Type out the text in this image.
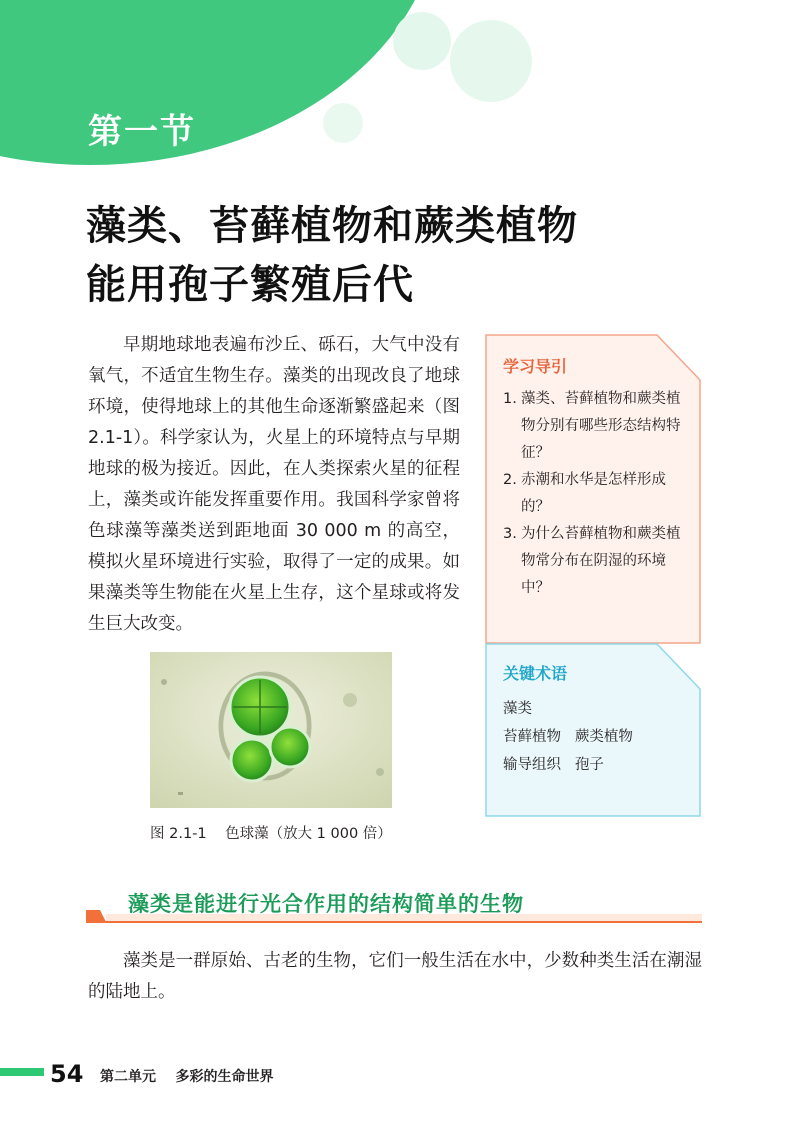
第一节
藻类、苔藓植物和蕨类植物
能用孢子繁殖后代

早期地球地表遍布沙丘、砾石，大气中没有氧气，不适宜生物生存。藻类的出现改良了地球环境，使得地球上的其他生命逐渐繁盛起来（图 2.1-1）。科学家认为，火星上的环境特点与早期地球的极为接近。因此，在人类探索火星的征程上，藻类或许能发挥重要作用。我国科学家曾将色球藻等藻类送到距地面 30 000 m 的高空，模拟火星环境进行实验，取得了一定的成果。如果藻类等生物能在火星上生存，这个星球或将发生巨大改变。

学习导引
1. 藻类、苔藓植物和蕨类植物分别有哪些形态结构特征？
2. 赤潮和水华是怎样形成的？
3. 为什么苔藓植物和蕨类植物常分布在阴湿的环境中？
关键术语
藻类
苔藓植物   蕨类植物
输导组织   孢子
图 2.1-1    色球藻（放大 1 000 倍）
藻类是能进行光合作用的结构简单的生物

藻类是一群原始、古老的生物，它们一般生活在水中，少数种类生活在潮湿的陆地上。

54 第二单元    多彩的生命世界
